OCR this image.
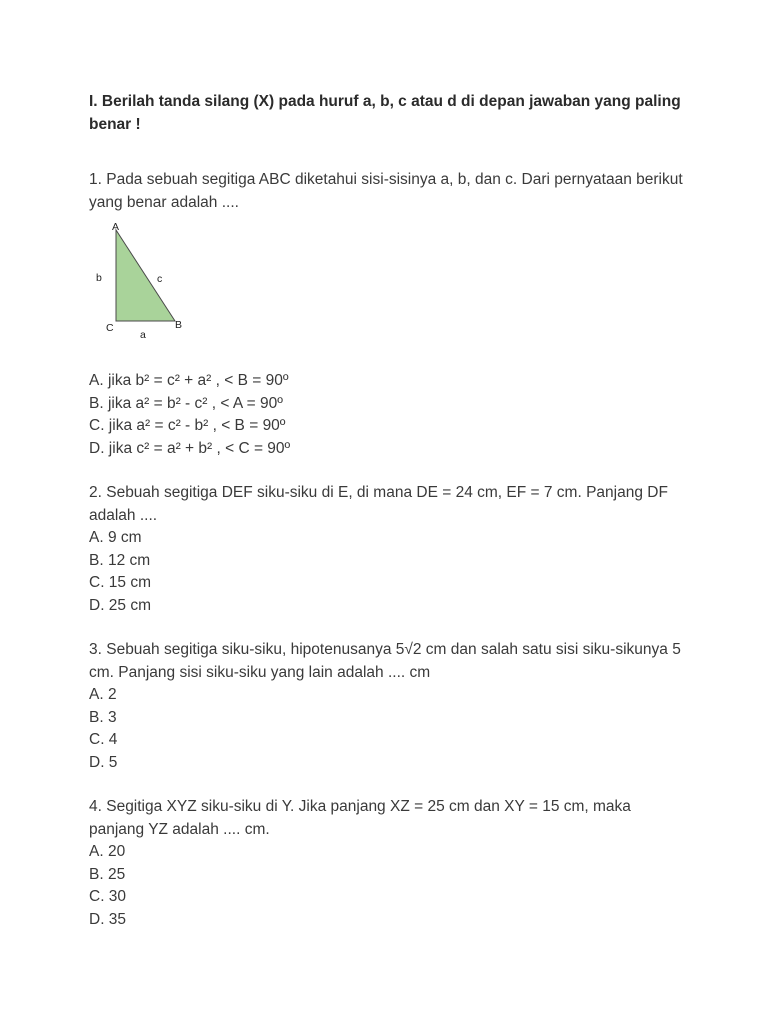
I. Berilah tanda silang (X) pada huruf a, b, c atau d di depan jawaban yang paling benar !

1. Pada sebuah segitiga ABC diketahui sisi-sisinya a, b, dan c. Dari pernyataan berikut yang benar adalah ....
A
B
C
a
b	c
A. jika b² = c² + a² , < B = 90º
B. jika a² = b² - c² , < A = 90º
C. jika a² = c² - b² , < B = 90º
D. jika c² = a² + b² , < C = 90º
2. Sebuah segitiga DEF siku-siku di E, di mana DE = 24 cm, EF = 7 cm. Panjang DF adalah ....
A. 9 cm
B. 12 cm
C. 15 cm
D. 25 cm
3. Sebuah segitiga siku-siku, hipotenusanya 5√2 cm dan salah satu sisi siku-sikunya 5 cm. Panjang sisi siku-siku yang lain adalah .... cm
A. 2
B. 3
C. 4
D. 5
4. Segitiga XYZ siku-siku di Y. Jika panjang XZ = 25 cm dan XY = 15 cm, maka panjang YZ adalah .... cm.
A. 20
B. 25
C. 30
D. 35
